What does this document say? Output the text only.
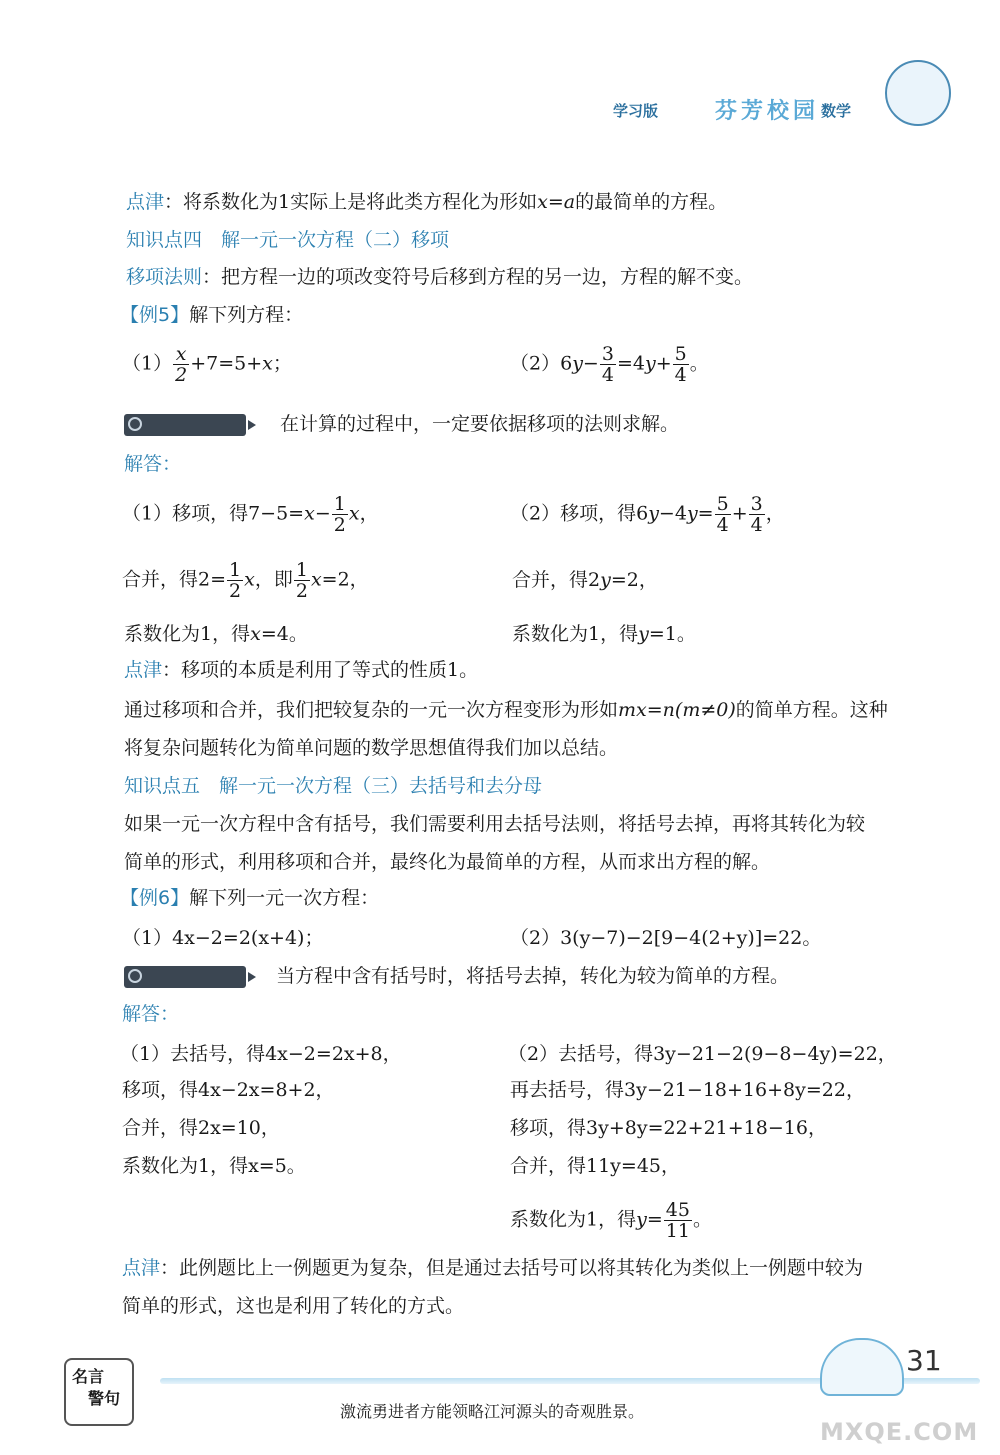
学习版	芬芳校园 数学
点津：将系数化为1实际上是将此类方程化为形如x=a的最简单的方程。
知识点四　解一元一次方程（二）移项
移项法则：把方程一边的项改变符号后移到方程的另一边，方程的解不变。
【例5】解下列方程：
$(1) \frac{x}{2} +7=5+x$；	$(2)6y- \frac{3}{4} =4y+ \frac{5}{4}$ 。
在计算的过程中，一定要依据移项的法则求解。
解答：
（1）移项，得$7-5=x- \frac{1}{2}$ x，	（2）移项，得$6y-4y= \frac{5}{4} + \frac{3}{4}$ ，
合并，得$2= \frac{1}{2}$ x，即 $\frac{1}{2} x=2$，	合并，得2y=2，
系数化为1，得x=4。	系数化为1，得y=1。
点津：移项的本质是利用了等式的性质1。
通过移项和合并，我们把较复杂的一元一次方程变形为形如mx=n(m≠0)的简单方程。这种
将复杂问题转化为简单问题的数学思想值得我们加以总结。
知识点五　解一元一次方程（三）去括号和去分母
如果一元一次方程中含有括号，我们需要利用去括号法则，将括号去掉，再将其转化为较
简单的形式，利用移项和合并，最终化为最简单的方程，从而求出方程的解。
【例6】解下列一元一次方程：
（1）4x−2=2(x+4)；	（2）3(y−7)−2[9−4(2+y)]=22。
当方程中含有括号时，将括号去掉，转化为较为简单的方程。
解答：
（1）去括号，得4x−2=2x+8，
移项，得4x−2x=8+2，
合并，得2x=10，
系数化为1，得x=5。
（2）去括号，得3y−21−2(9−8−4y)=22，
再去括号，得3y−21−18+16+8y=22，
移项，得3y+8y=22+21+18−16，
合并，得11y=45，
系数化为1，得$y= \frac{45}{11}$ 。
点津：此例题比上一例题更为复杂，但是通过去括号可以将其转化为类似上一例题中较为
简单的形式，这也是利用了转化的方式。
名言
警句
激流勇进者方能领略江河源头的奇观胜景。
31
MXQE.COM
